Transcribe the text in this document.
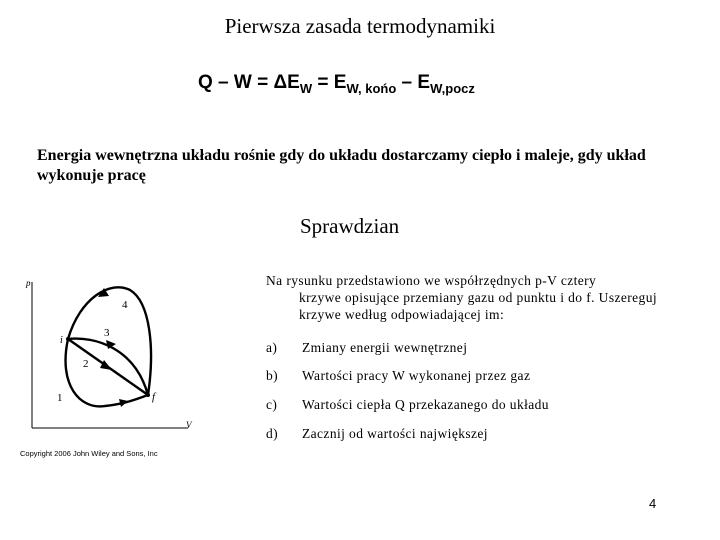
Pierwsza zasada termodynamiki
$Q - W = \Delta E_W = E_{W, końo} - E_{W,pocz}$
Energia wewnętrzna układu rośnie gdy do układu dostarczamy ciepło i maleje, gdy układ wykonuje pracę
Sprawdzian
Na rysunku przedstawiono we współrzędnych p-V cztery
krzywe opisujące przemiany gazu od punktu i do f. Uszereguj krzywe według odpowiadającej im:
a) Zmiany energii wewnętrznej
b) Wartości pracy W wykonanej przez gaz
c) Wartości ciepła Q przekazanego do układu
d) Zacznij od wartości największej
p
V
i
f
1
2
3
4
Copyright 2006 John Wiley and Sons, Inc
4
